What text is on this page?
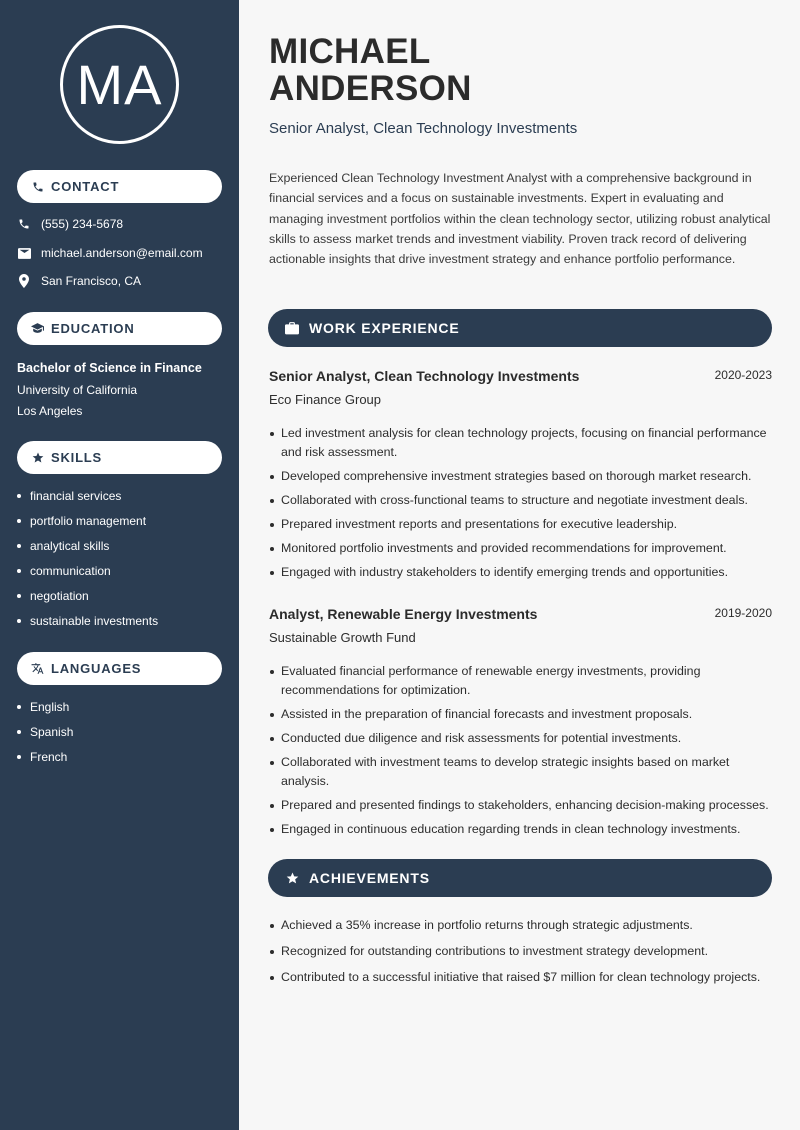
MA
CONTACT
(555) 234-5678
michael.anderson@email.com
San Francisco, CA
EDUCATION
Bachelor of Science in Finance
University of California
Los Angeles
SKILLS
financial services
portfolio management
analytical skills
communication
negotiation
sustainable investments
LANGUAGES
English
Spanish
French
MICHAEL
ANDERSON
Senior Analyst, Clean Technology Investments
Experienced Clean Technology Investment Analyst with a comprehensive background in financial services and a focus on sustainable investments. Expert in evaluating and managing investment portfolios within the clean technology sector, utilizing robust analytical skills to assess market trends and investment viability. Proven track record of delivering actionable insights that drive investment strategy and enhance portfolio performance.
WORK EXPERIENCE
Senior Analyst, Clean Technology Investments	2020-2023
Eco Finance Group
Led investment analysis for clean technology projects, focusing on financial performance and risk assessment.
Developed comprehensive investment strategies based on thorough market research.
Collaborated with cross-functional teams to structure and negotiate investment deals.
Prepared investment reports and presentations for executive leadership.
Monitored portfolio investments and provided recommendations for improvement.
Engaged with industry stakeholders to identify emerging trends and opportunities.
Analyst, Renewable Energy Investments	2019-2020
Sustainable Growth Fund
Evaluated financial performance of renewable energy investments, providing recommendations for optimization.
Assisted in the preparation of financial forecasts and investment proposals.
Conducted due diligence and risk assessments for potential investments.
Collaborated with investment teams to develop strategic insights based on market analysis.
Prepared and presented findings to stakeholders, enhancing decision-making processes.
Engaged in continuous education regarding trends in clean technology investments.
ACHIEVEMENTS
Achieved a 35% increase in portfolio returns through strategic adjustments.
Recognized for outstanding contributions to investment strategy development.
Contributed to a successful initiative that raised $7 million for clean technology projects.
